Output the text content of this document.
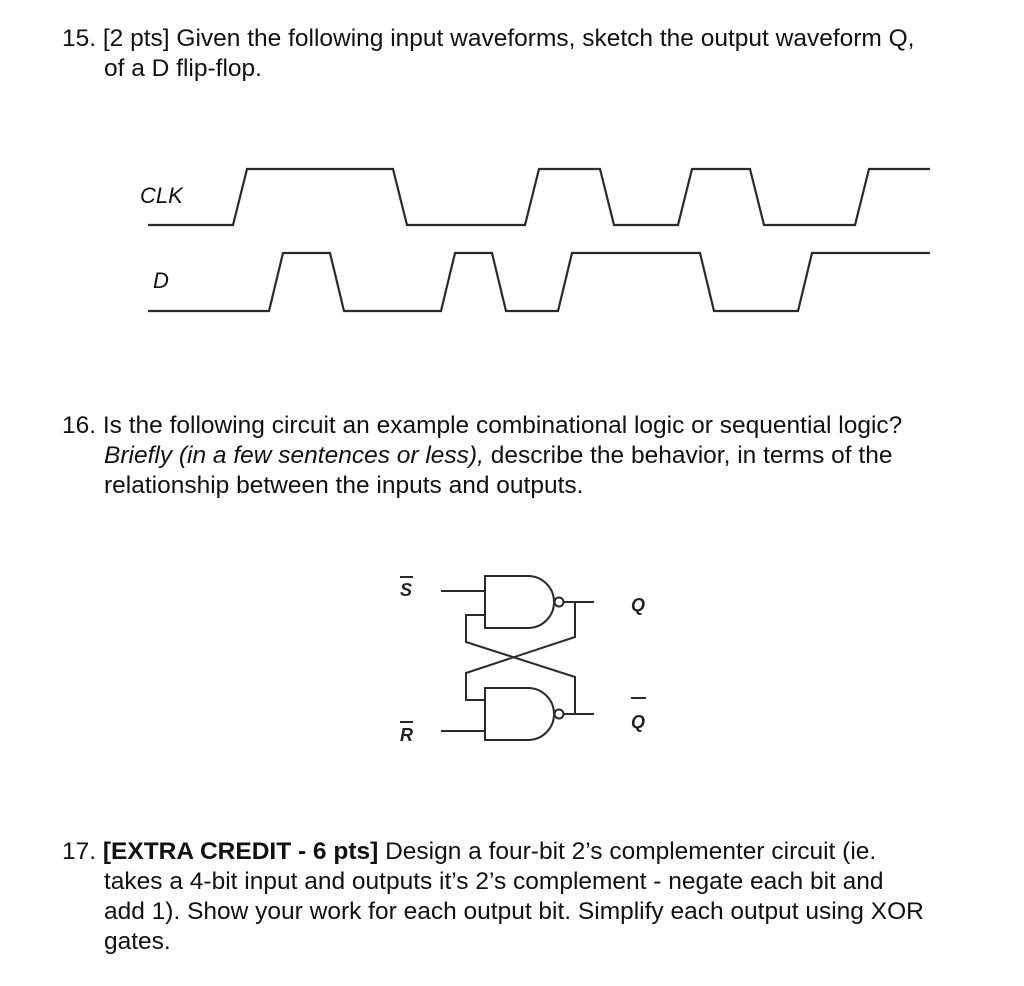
15. [2 pts] Given the following input waveforms, sketch the output waveform Q,
of a D flip-flop.
CLK
D
S
R
Q
Q
16. Is the following circuit an example combinational logic or sequential logic?
Briefly (in a few sentences or less), describe the behavior, in terms of the
relationship between the inputs and outputs.
17. [EXTRA CREDIT - 6 pts] Design a four-bit 2’s complementer circuit (ie.
takes a 4-bit input and outputs it’s 2’s complement - negate each bit and
add 1). Show your work for each output bit. Simplify each output using XOR
gates.
